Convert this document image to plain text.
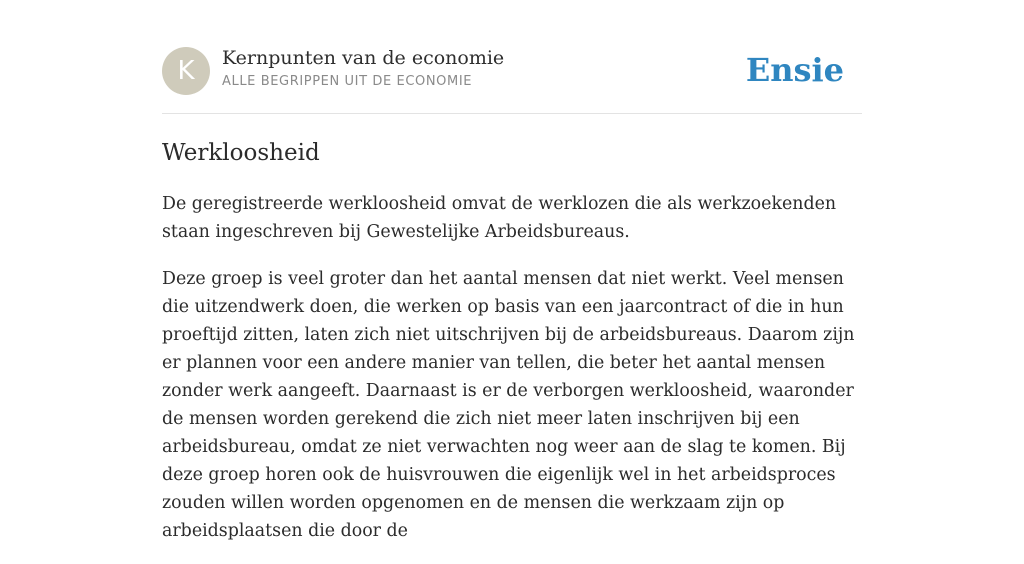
K	Kernpunten van de economie
ALLE BEGRIPPEN UIT DE ECONOMIE	Ensie
Werkloosheid

De geregistreerde werkloosheid omvat de werklozen die als werkzoekenden staan ingeschreven bij Gewestelijke Arbeidsbureaus.

Deze groep is veel groter dan het aantal mensen dat niet werkt. Veel mensen die uitzendwerk doen, die werken op basis van een jaarcontract of die in hun proeftijd zitten, laten zich niet uitschrijven bij de arbeidsbureaus. Daarom zijn er plannen voor een andere manier van tellen, die beter het aantal mensen zonder werk aangeeft. Daarnaast is er de verborgen werkloosheid, waaronder de mensen worden gerekend die zich niet meer laten inschrijven bij een arbeidsbureau, omdat ze niet verwachten nog weer aan de slag te komen. Bij deze groep horen ook de huisvrouwen die eigenlijk wel in het arbeidsproces zouden willen worden opgenomen en de mensen die werkzaam zijn op arbeidsplaatsen die door de
